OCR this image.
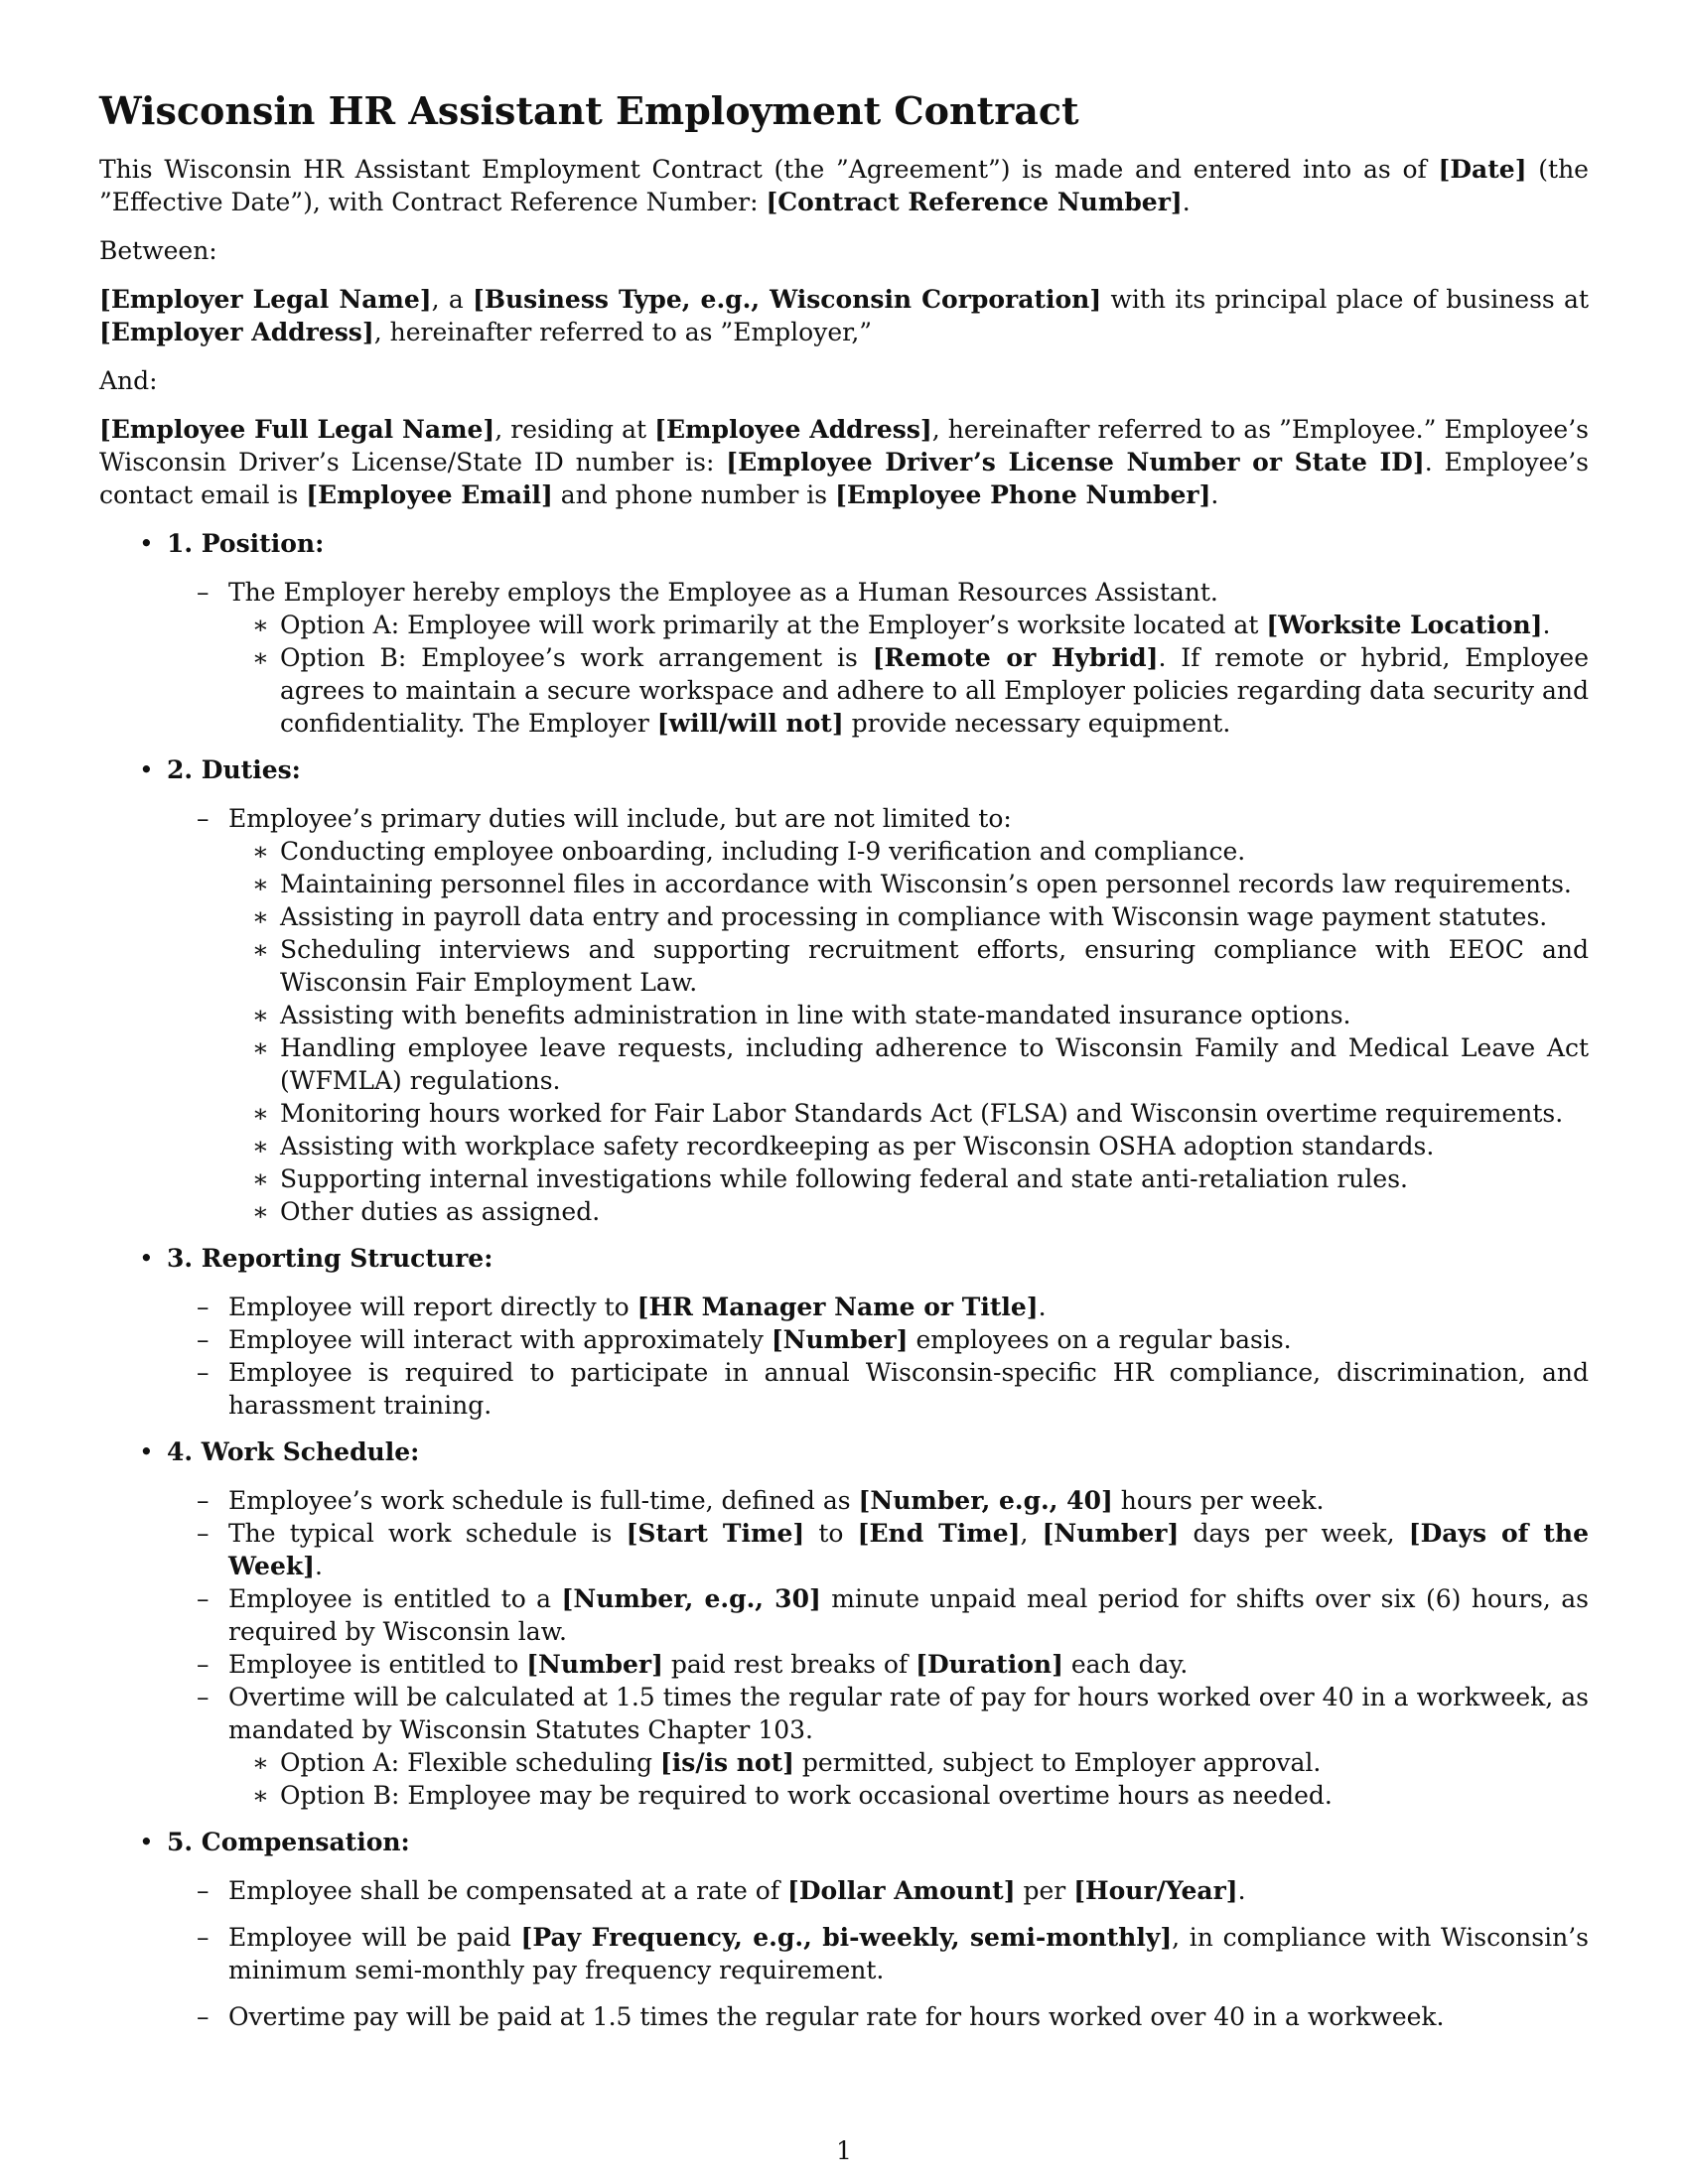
Wisconsin HR Assistant Employment Contract

This Wisconsin HR Assistant Employment Contract (the ”Agreement”) is made and entered into as of [Date] (the ”Effective Date”), with Contract Reference Number: [Contract Reference Number].

Between:

[Employer Legal Name], a [Business Type, e.g., Wisconsin Corporation] with its principal place of business at [Employer Address], hereinafter referred to as ”Employer,”

And:

[Employee Full Legal Name], residing at [Employee Address], hereinafter referred to as ”Employee.” Employee’s Wisconsin Driver’s License/State ID number is: [Employee Driver’s License Number or State ID]. Employee’s contact email is [Employee Email] and phone number is [Employee Phone Number].

• 1. Position:
– The Employer hereby employs the Employee as a Human Resources Assistant.
∗ Option A: Employee will work primarily at the Employer’s worksite located at [Worksite Location].
∗ Option B: Employee’s work arrangement is [Remote or Hybrid]. If remote or hybrid, Employee agrees to maintain a secure workspace and adhere to all Employer policies regarding data security and confidentiality. The Employer [will/will not] provide necessary equipment.
• 2. Duties:
– Employee’s primary duties will include, but are not limited to:
∗ Conducting employee onboarding, including I-9 verification and compliance.
∗ Maintaining personnel files in accordance with Wisconsin’s open personnel records law requirements.
∗ Assisting in payroll data entry and processing in compliance with Wisconsin wage payment statutes.
∗ Scheduling interviews and supporting recruitment efforts, ensuring compliance with EEOC and Wisconsin Fair Employment Law.
∗ Assisting with benefits administration in line with state-mandated insurance options.
∗ Handling employee leave requests, including adherence to Wisconsin Family and Medical Leave Act (WFMLA) regulations.
∗ Monitoring hours worked for Fair Labor Standards Act (FLSA) and Wisconsin overtime requirements.
∗ Assisting with workplace safety recordkeeping as per Wisconsin OSHA adoption standards.
∗ Supporting internal investigations while following federal and state anti-retaliation rules.
∗ Other duties as assigned.
• 3. Reporting Structure:
– Employee will report directly to [HR Manager Name or Title].
– Employee will interact with approximately [Number] employees on a regular basis.
– Employee is required to participate in annual Wisconsin-specific HR compliance, discrimination, and harassment training.
• 4. Work Schedule:
– Employee’s work schedule is full-time, defined as [Number, e.g., 40] hours per week.
– The typical work schedule is [Start Time] to [End Time], [Number] days per week, [Days of the Week].
– Employee is entitled to a [Number, e.g., 30] minute unpaid meal period for shifts over six (6) hours, as required by Wisconsin law.
– Employee is entitled to [Number] paid rest breaks of [Duration] each day.
– Overtime will be calculated at 1.5 times the regular rate of pay for hours worked over 40 in a workweek, as mandated by Wisconsin Statutes Chapter 103.
∗ Option A: Flexible scheduling [is/is not] permitted, subject to Employer approval.
∗ Option B: Employee may be required to work occasional overtime hours as needed.
• 5. Compensation:
– Employee shall be compensated at a rate of [Dollar Amount] per [Hour/Year].
– Employee will be paid [Pay Frequency, e.g., bi-weekly, semi-monthly], in compliance with Wisconsin’s minimum semi-monthly pay frequency requirement.
– Overtime pay will be paid at 1.5 times the regular rate for hours worked over 40 in a workweek.
1
